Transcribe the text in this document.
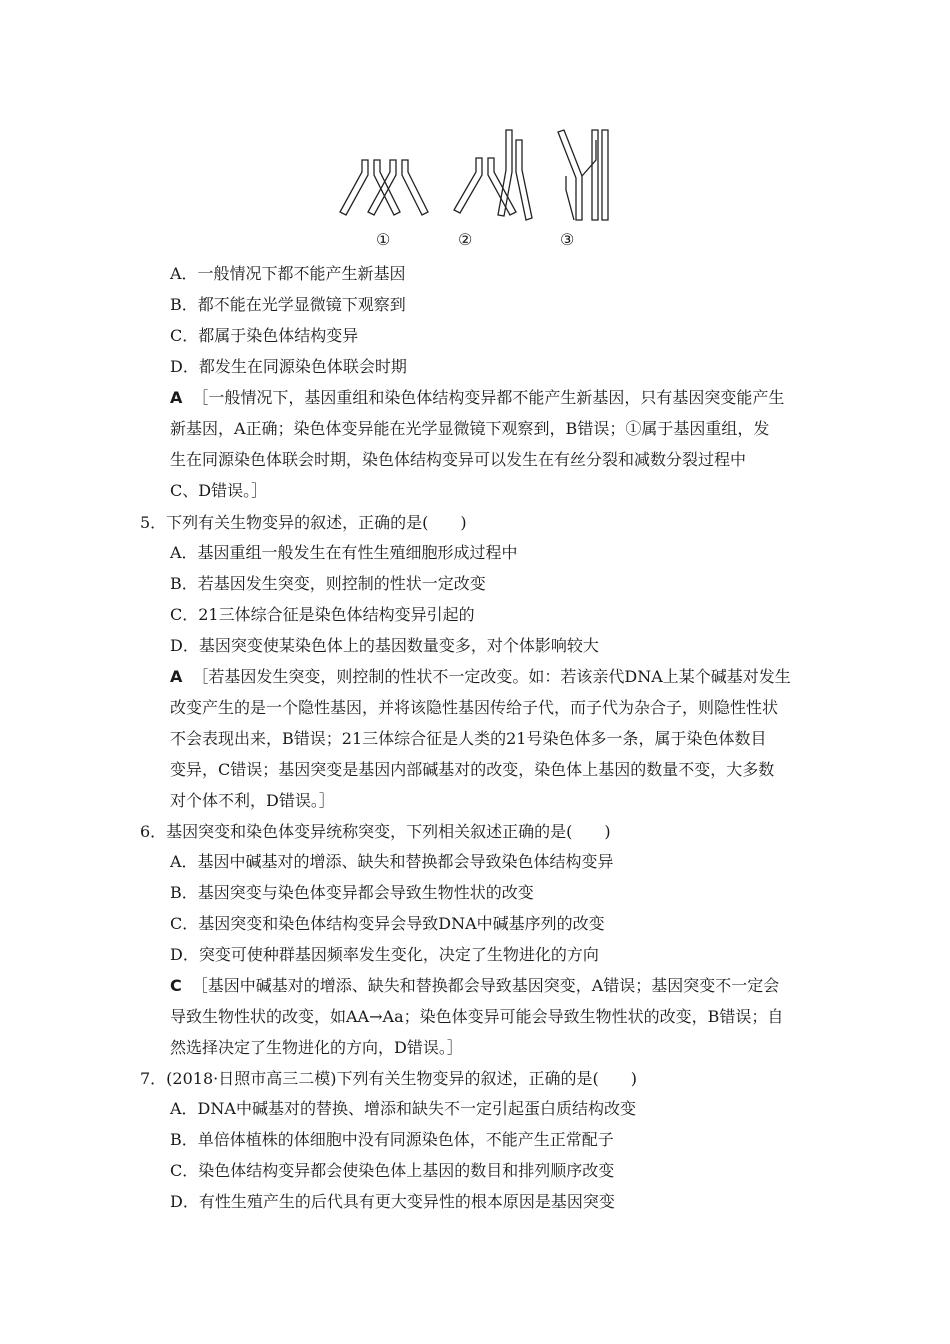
①	②	③
A．一般情况下都不能产生新基因
B．都不能在光学显微镜下观察到
C．都属于染色体结构变异
D．都发生在同源染色体联会时期
A ［一般情况下，基因重组和染色体结构变异都不能产生新基因，只有基因突变能产生
新基因，A正确；染色体变异能在光学显微镜下观察到，B错误；①属于基因重组，发
生在同源染色体联会时期，染色体结构变异可以发生在有丝分裂和减数分裂过程中
C、D错误。］
5．下列有关生物变异的叙述，正确的是(　　)
A．基因重组一般发生在有性生殖细胞形成过程中
B．若基因发生突变，则控制的性状一定改变
C．21三体综合征是染色体结构变异引起的
D．基因突变使某染色体上的基因数量变多，对个体影响较大
A ［若基因发生突变，则控制的性状不一定改变。如：若该亲代DNA上某个碱基对发生
改变产生的是一个隐性基因，并将该隐性基因传给子代，而子代为杂合子，则隐性性状
不会表现出来，B错误；21三体综合征是人类的21号染色体多一条，属于染色体数目
变异，C错误；基因突变是基因内部碱基对的改变，染色体上基因的数量不变，大多数
对个体不利，D错误。］
6．基因突变和染色体变异统称突变，下列相关叙述正确的是(　　)
A．基因中碱基对的增添、缺失和替换都会导致染色体结构变异
B．基因突变与染色体变异都会导致生物性状的改变
C．基因突变和染色体结构变异会导致DNA中碱基序列的改变
D．突变可使种群基因频率发生变化，决定了生物进化的方向
C ［基因中碱基对的增添、缺失和替换都会导致基因突变，A错误；基因突变不一定会
导致生物性状的改变，如AA→Aa；染色体变异可能会导致生物性状的改变，B错误；自
然选择决定了生物进化的方向，D错误。］
7．(2018·日照市高三二模)下列有关生物变异的叙述，正确的是(　　)
A．DNA中碱基对的替换、增添和缺失不一定引起蛋白质结构改变
B．单倍体植株的体细胞中没有同源染色体，不能产生正常配子
C．染色体结构变异都会使染色体上基因的数目和排列顺序改变
D．有性生殖产生的后代具有更大变异性的根本原因是基因突变
